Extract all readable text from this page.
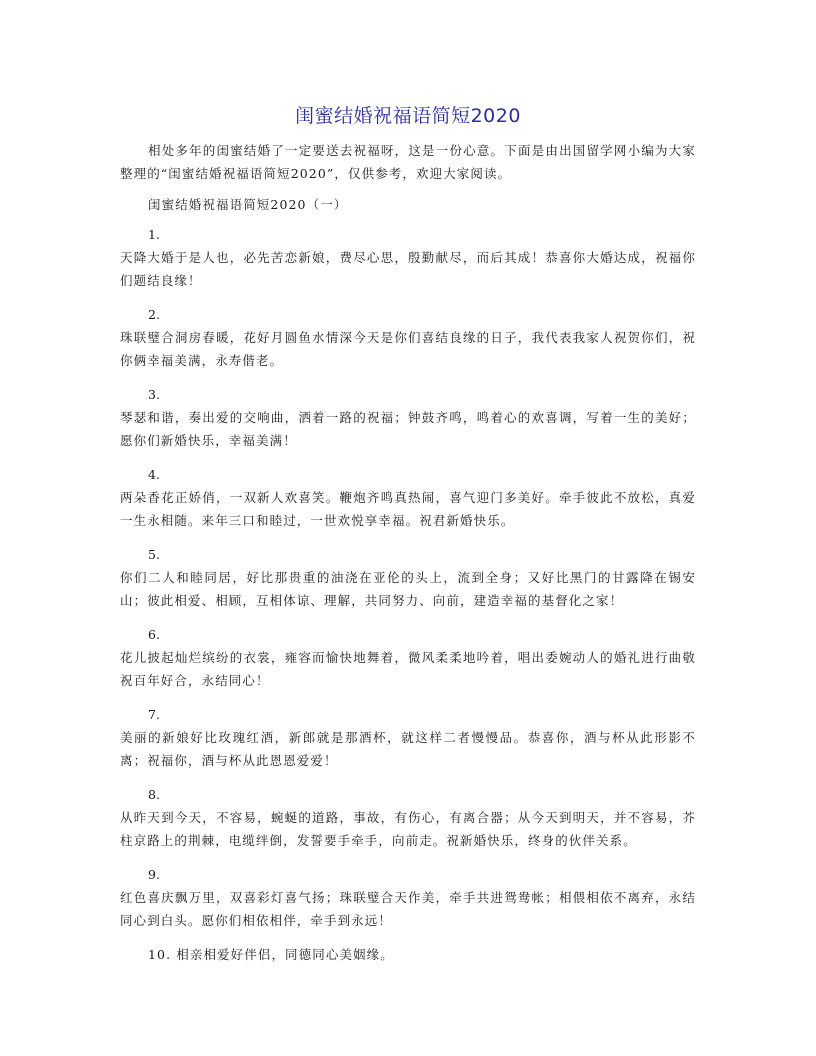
闺蜜结婚祝福语简短2020

相处多年的闺蜜结婚了一定要送去祝福呀，这是一份心意。下面是由出国留学网小编为大家整理的“闺蜜结婚祝福语简短2020”，仅供参考，欢迎大家阅读。

闺蜜结婚祝福语简短2020（一）

1.

天降大婚于是人也，必先苦恋新娘，费尽心思，殷勤献尽，而后其成！恭喜你大婚达成，祝福你们题结良缘！

2.

珠联璧合洞房春暖，花好月圆鱼水情深今天是你们喜结良缘的日子，我代表我家人祝贺你们，祝你俩幸福美满，永寿偕老。

3.

琴瑟和谐，奏出爱的交响曲，洒着一路的祝福；钟鼓齐鸣，鸣着心的欢喜调，写着一生的美好；愿你们新婚快乐，幸福美满！

4.

两朵香花正娇俏，一双新人欢喜笑。鞭炮齐鸣真热闹，喜气迎门多美好。牵手彼此不放松，真爱一生永相随。来年三口和睦过，一世欢悦享幸福。祝君新婚快乐。

5.

你们二人和睦同居，好比那贵重的油浇在亚伦的头上，流到全身；又好比黑门的甘露降在锡安山；彼此相爱、相顾，互相体谅、理解，共同努力、向前，建造幸福的基督化之家！

6.

花儿披起灿烂缤纷的衣裳，雍容而愉快地舞着，微风柔柔地吟着，唱出委婉动人的婚礼进行曲敬祝百年好合，永结同心！

7.

美丽的新娘好比玫瑰红酒，新郎就是那酒杯，就这样二者慢慢品。恭喜你，酒与杯从此形影不离；祝福你，酒与杯从此恩恩爱爱！

8.

从昨天到今天，不容易，蜿蜒的道路，事故，有伤心，有离合器；从今天到明天，并不容易，芥柱京路上的荆棘，电缆绊倒，发誓要手牵手，向前走。祝新婚快乐，终身的伙伴关系。

9.

红色喜庆飘万里，双喜彩灯喜气扬；珠联璧合天作美，牵手共进鸳鸯帐；相偎相依不离弃，永结同心到白头。愿你们相依相伴，牵手到永远！

10. 相亲相爱好伴侣，同德同心美姻缘。
